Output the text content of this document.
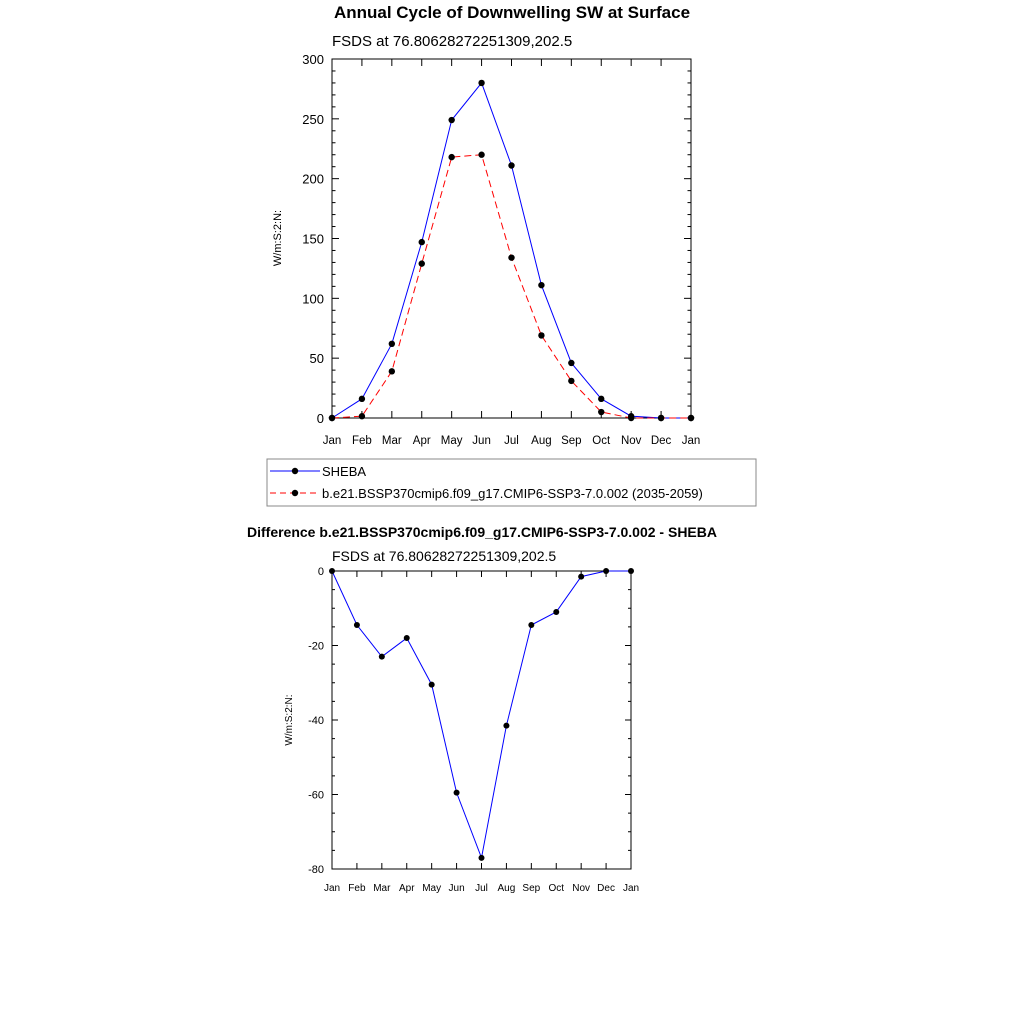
Annual Cycle of Downwelling SW at Surface
FSDS at 76.80628272251309,202.5
0
50
100
150
200
250
300
Jan Feb Mar Apr May Jun Jul Aug Sep Oct Nov Dec Jan
W/m:S:2:N:
SHEBA
b.e21.BSSP370cmip6.f09_g17.CMIP6-SSP3-7.0.002 (2035-2059)
Difference b.e21.BSSP370cmip6.f09_g17.CMIP6-SSP3-7.0.002 - SHEBA
FSDS at 76.80628272251309,202.5
0
-20
-40
-60
-80
Jan Feb Mar Apr May Jun Jul Aug Sep Oct Nov Dec Jan
W/m:S:2:N:
